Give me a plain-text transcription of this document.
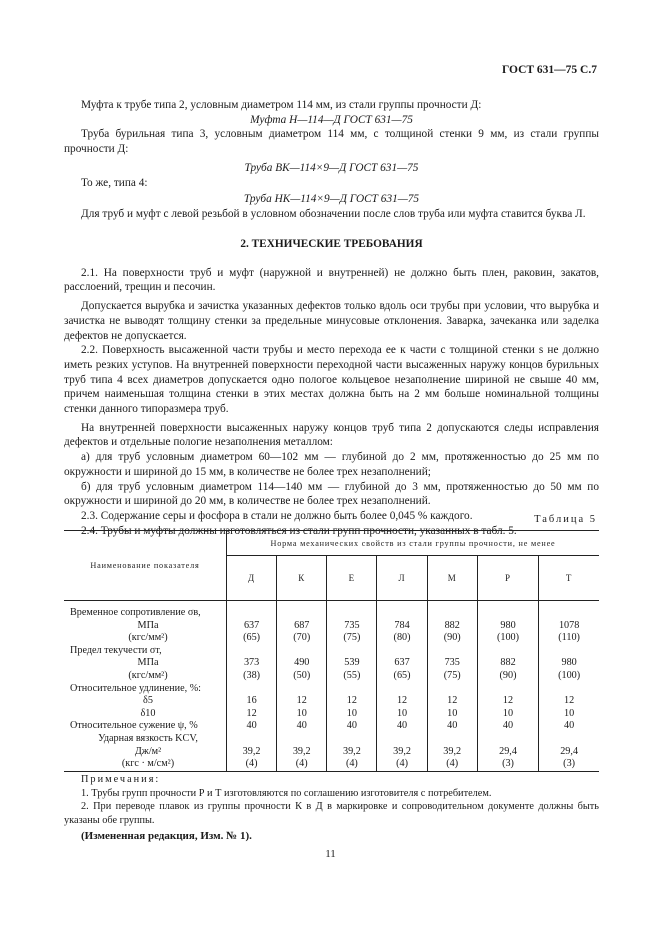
ГОСТ 631—75 С.7

Муфта к трубе типа 2, условным диаметром 114 мм, из стали группы прочности Д:

Муфта Н—114—Д ГОСТ 631—75

Труба бурильная типа 3, условным диаметром 114 мм, с толщиной стенки 9 мм, из стали группы прочности Д:

Труба ВК—114×9—Д ГОСТ 631—75

То же, типа 4:

Труба НК—114×9—Д ГОСТ 631—75

Для труб и муфт с левой резьбой в условном обозначении после слов труба или муфта ставится буква Л.

2. ТЕХНИЧЕСКИЕ ТРЕБОВАНИЯ

2.1. На поверхности труб и муфт (наружной и внутренней) не должно быть плен, раковин, закатов, расслоений, трещин и песочин.

Допускается вырубка и зачистка указанных дефектов только вдоль оси трубы при условии, что вырубка и зачистка не выводят толщину стенки за предельные минусовые отклонения. Заварка, зачеканка или заделка дефектов не допускается.

2.2. Поверхность высаженной части трубы и место перехода ее к части с толщиной стенки s не должно иметь резких уступов. На внутренней поверхности переходной части высаженных наружу концов бурильных труб типа 4 всех диаметров допускается одно пологое кольцевое незаполнение шириной не свыше 40 мм, причем наименьшая толщина стенки в этих местах должна быть на 2 мм больше номинальной толщины стенки данного типоразмера труб.

На внутренней поверхности высаженных наружу концов труб типа 2 допускаются следы исправления дефектов и отдельные пологие незаполнения металлом:

а) для труб условным диаметром 60—102 мм — глубиной до 2 мм, протяженностью до 25 мм по окружности и шириной до 15 мм, в количестве не более трех незаполнений;

б) для труб условным диаметром 114—140 мм — глубиной до 3 мм, протяженностью до 50 мм по окружности и шириной до 20 мм, в количестве не более трех незаполнений.

2.3. Содержание серы и фосфора в стали не должно быть более 0,045 % каждого.

2.4. Трубы и муфты должны изготовляться из стали групп прочности, указанных в табл. 5.

Таблица 5
Наименование показателя	Норма механических свойств из стали группы прочности, не менее						
	Д	К	Е	Л	М	Р	Т
Временное сопротивление σв,							
МПа	637	687	735	784	882	980	1078
(кгс/мм²)	(65)	(70)	(75)	(80)	(90)	(100)	(110)
Предел текучести σт,							
МПа	373	490	539	637	735	882	980
(кгс/мм²)	(38)	(50)	(55)	(65)	(75)	(90)	(100)
Относительное удлинение, %:							
δ5	16	12	12	12	12	12	12
δ10	12	10	10	10	10	10	10
Относительное сужение ψ, %	40	40	40	40	40	40	40
Ударная вязкость KCV,							
Дж/м²	39,2	39,2	39,2	39,2	39,2	29,4	29,4
(кгс · м/см²)	(4)	(4)	(4)	(4)	(4)	(3)	(3)

Примечания:

1. Трубы групп прочности Р и Т изготовляются по соглашению изготовителя с потребителем.

2. При переводе плавок из группы прочности К в Д в маркировке и сопроводительном документе должны быть указаны обе группы.

(Измененная редакция, Изм. № 1).

11
